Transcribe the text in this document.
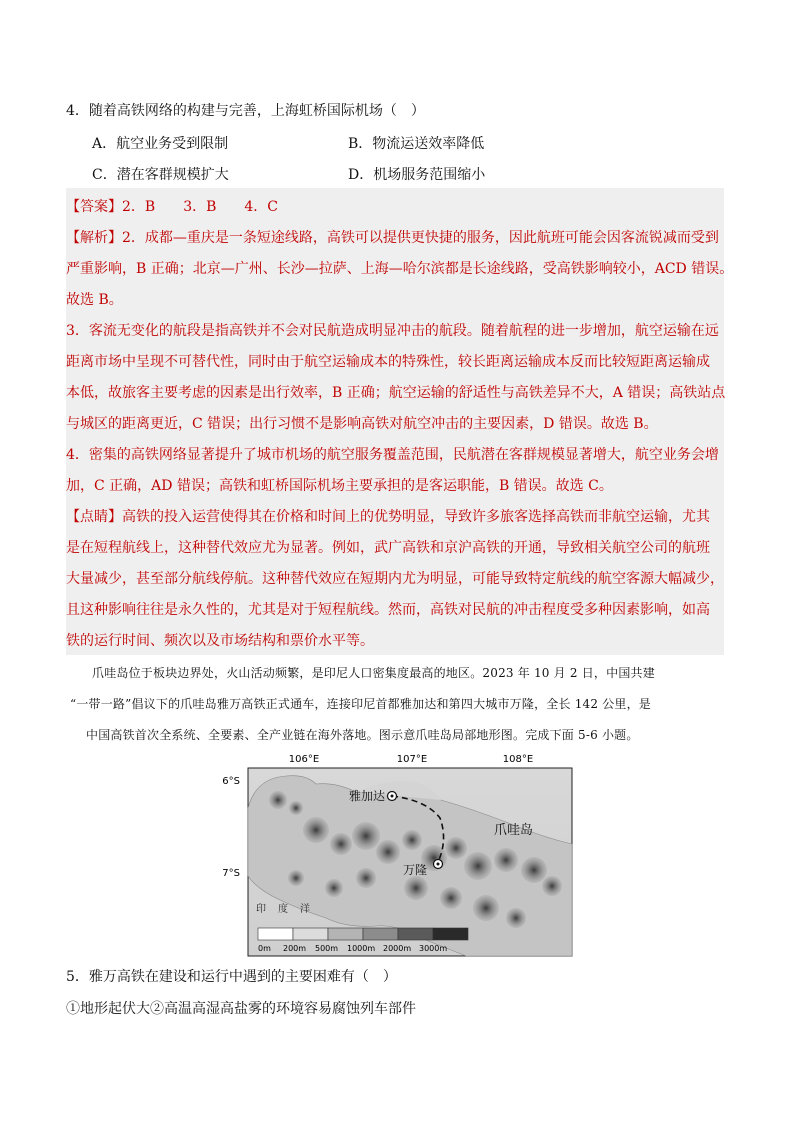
4．随着高铁网络的构建与完善，上海虹桥国际机场（　）
A．航空业务受到限制	B．物流运送效率降低
C．潜在客群规模扩大	D．机场服务范围缩小
【答案】2．B　　3．B　　4．C
【解析】2．成都—重庆是一条短途线路，高铁可以提供更快捷的服务，因此航班可能会因客流锐减而受到
严重影响，B 正确；北京—广州、长沙—拉萨、上海—哈尔滨都是长途线路，受高铁影响较小，ACD 错误。
故选 B。
3．客流无变化的航段是指高铁并不会对民航造成明显冲击的航段。随着航程的进一步增加，航空运输在远
距离市场中呈现不可替代性，同时由于航空运输成本的特殊性，较长距离运输成本反而比较短距离运输成
本低，故旅客主要考虑的因素是出行效率，B 正确；航空运输的舒适性与高铁差异不大，A 错误；高铁站点
与城区的距离更近，C 错误；出行习惯不是影响高铁对航空冲击的主要因素，D 错误。故选 B。
4．密集的高铁网络显著提升了城市机场的航空服务覆盖范围，民航潜在客群规模显著增大，航空业务会增
加，C 正确，AD 错误；高铁和虹桥国际机场主要承担的是客运职能，B 错误。故选 C。
【点睛】高铁的投入运营使得其在价格和时间上的优势明显，导致许多旅客选择高铁而非航空运输，尤其
是在短程航线上，这种替代效应尤为显著。例如，武广高铁和京沪高铁的开通，导致相关航空公司的航班
大量减少，甚至部分航线停航。这种替代效应在短期内尤为明显，可能导致特定航线的航空客源大幅减少，
且这种影响往往是永久性的，尤其是对于短程航线。然而，高铁对民航的冲击程度受多种因素影响，如高
铁的运行时间、频次以及市场结构和票价水平等。
爪哇岛位于板块边界处，火山活动频繁，是印尼人口密集度最高的地区。2023 年 10 月 2 日，中国共建
“一带一路”倡议下的爪哇岛雅万高铁正式通车，连接印尼首都雅加达和第四大城市万隆，全长 142 公里，是
中国高铁首次全系统、全要素、全产业链在海外落地。图示意爪哇岛局部地形图。完成下面 5-6 小题。
106°E	107°E	108°E
6°S
7°S
雅加达
万隆
爪哇岛
印 度 洋
0m 200m 500m 1000m 2000m 3000m
5．雅万高铁在建设和运行中遇到的主要困难有（　）
①地形起伏大②高温高湿高盐雾的环境容易腐蚀列车部件
